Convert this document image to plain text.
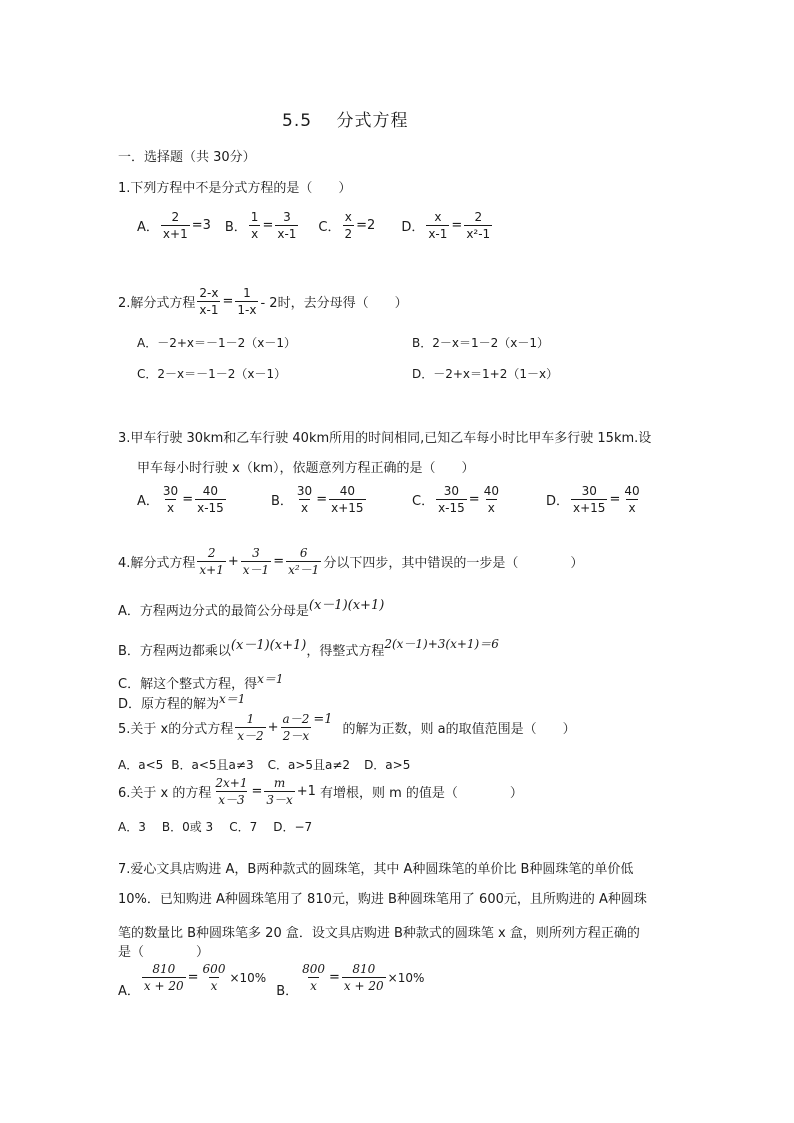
5.5　 分式方程
一．选择题（共 30分）
1.下列方程中不是分式方程的是（　　）
A． $\frac{2}{x+1} =3$ B． $\frac{1}{x} = \frac{3}{x-1}$ C． $\frac{x}{2} =2$ D． $\frac{x}{x-1} = \frac{2}{\text{x²-1}}$
2.解分式方程 $\frac{2-x}{x-1} = \frac{1}{1-x} - 2$时，去分母得（　　）
A．－2+x＝－1－2（x－1）	B．2－x＝1－2（x－1）
C．2－x＝－1－2（x－1）	D．－2+x＝1+2（1－x）
3.甲车行驶 30km和乙车行驶 40km所用的时间相同,已知乙车每小时比甲车多行驶 15km.设
甲车每小时行驶 x（km），依题意列方程正确的是（　　）
A． $\frac{30}{x} = \frac{40}{x-15}$	B． $\frac{30}{x} = \frac{40}{x+15}$	C． $\frac{30}{x-15} = \frac{40}{x}$	D． $\frac{30}{x+15} = \frac{40}{x}$
4.解分式方程 $\frac{2}{x+1} + \frac{3}{x-1} = \frac{6}{\text{x²－1}}$ 分以下四步，其中错误的一步是（　　　　）
A．方程两边分式的最简公分母是 (x－1)(x+1)
B．方程两边都乘以 (x－1)(x+1) ，得整式方程 2(x－1)+3(x+1)＝6
C．解这个整式方程，得 x＝1
D．原方程的解为 x＝1
5.关于 x的分式方程 $\frac{1}{x-2} + \frac{a-2}{2-x} =1$
的解为正数，则 a的取值范围是（　　）
A．a<5 B．a<5且a≠3 C．a>5且a≠2 D．a>5
6.关于 x 的方程 $\frac{2x+1}{x-3} = \frac{m}{3-x} +1$ 有增根，则 m 的值是（　　　　）
A．3 B．0或 3 C．7 D．−7
7.爱心文具店购进 A，B两种款式的圆珠笔，其中 A种圆珠笔的单价比 B种圆珠笔的单价低
10%．已知购进 A种圆珠笔用了 810元，购进 B种圆珠笔用了 600元，且所购进的 A种圆珠
笔的数量比 B种圆珠笔多 20 盒．设文具店购进 B种款式的圆珠笔 x 盒，则所列方程正确的
是（　　　　）
A． $\frac{810}{x + 20} = \frac{600}{x} \times 10\%$
B． $\frac{800}{x} = \frac{810}{x + 20} \times 10\%$
